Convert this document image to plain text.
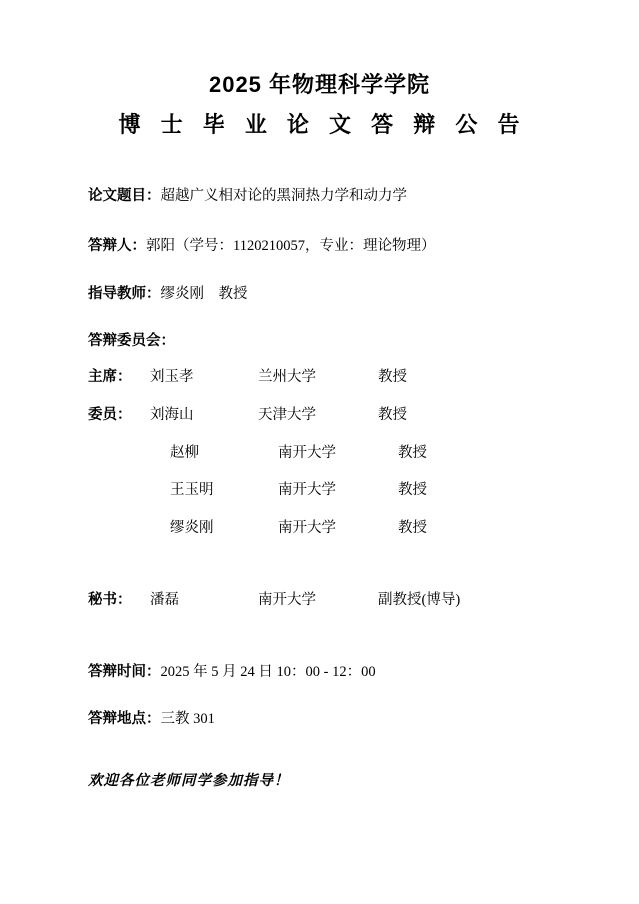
2025 年物理科学学院
博 士 毕 业 论 文 答 辩 公 告
论文题目： 超越广义相对论的黑洞热力学和动力学
答辩人： 郭阳（学号：1120210057，专业：理论物理）
指导教师： 缪炎刚　教授
答辩委员会：
主席：	刘玉孝	兰州大学	教授
委员：	刘海山	天津大学	教授
赵柳	南开大学	教授
王玉明	南开大学	教授
缪炎刚	南开大学	教授
秘书：	潘磊	南开大学	副教授(博导)
答辩时间： 2025 年 5 月 24 日 10：00 - 12：00
答辩地点： 三教 301
欢迎各位老师同学参加指导！
